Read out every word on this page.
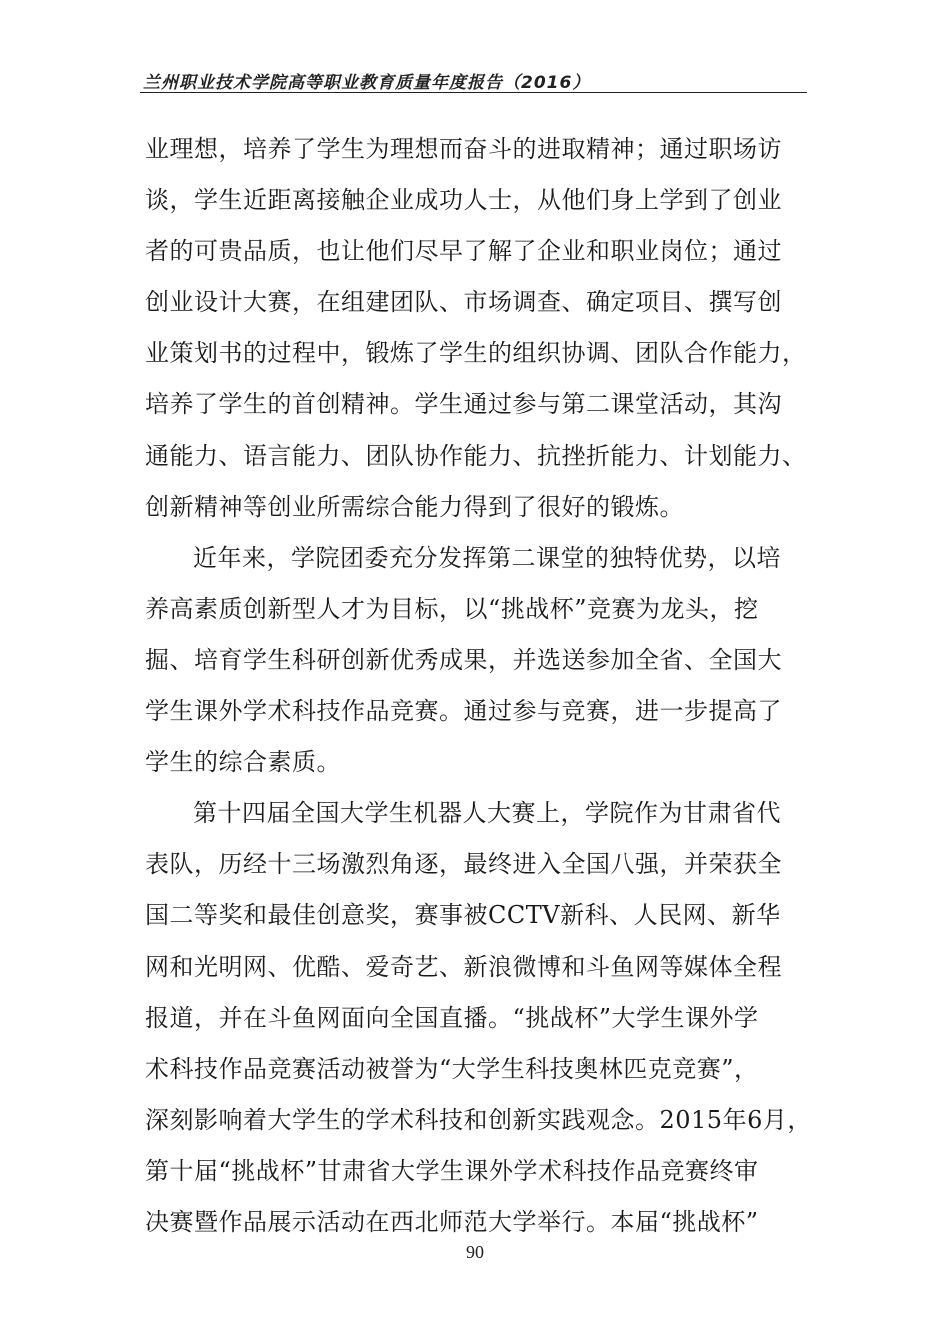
兰州职业技术学院高等职业教育质量年度报告（2016）
业理想，培养了学生为理想而奋斗的进取精神；通过职场访
谈，学生近距离接触企业成功人士，从他们身上学到了创业
者的可贵品质，也让他们尽早了解了企业和职业岗位；通过
创业设计大赛，在组建团队、市场调查、确定项目、撰写创
业策划书的过程中，锻炼了学生的组织协调、团队合作能力，
培养了学生的首创精神。学生通过参与第二课堂活动，其沟
通能力、语言能力、团队协作能力、抗挫折能力、计划能力、
创新精神等创业所需综合能力得到了很好的锻炼。
近年来，学院团委充分发挥第二课堂的独特优势，以培
养高素质创新型人才为目标，以“挑战杯”竞赛为龙头，挖
掘、培育学生科研创新优秀成果，并选送参加全省、全国大
学生课外学术科技作品竞赛。通过参与竞赛，进一步提高了
学生的综合素质。
第十四届全国大学生机器人大赛上，学院作为甘肃省代
表队，历经十三场激烈角逐，最终进入全国八强，并荣获全
国二等奖和最佳创意奖，赛事被CCTV新科、人民网、新华
网和光明网、优酷、爱奇艺、新浪微博和斗鱼网等媒体全程
报道，并在斗鱼网面向全国直播。“挑战杯”大学生课外学
术科技作品竞赛活动被誉为“大学生科技奥林匹克竞赛”，
深刻影响着大学生的学术科技和创新实践观念。2015年6月，
第十届“挑战杯”甘肃省大学生课外学术科技作品竞赛终审
决赛暨作品展示活动在西北师范大学举行。本届“挑战杯”
90
